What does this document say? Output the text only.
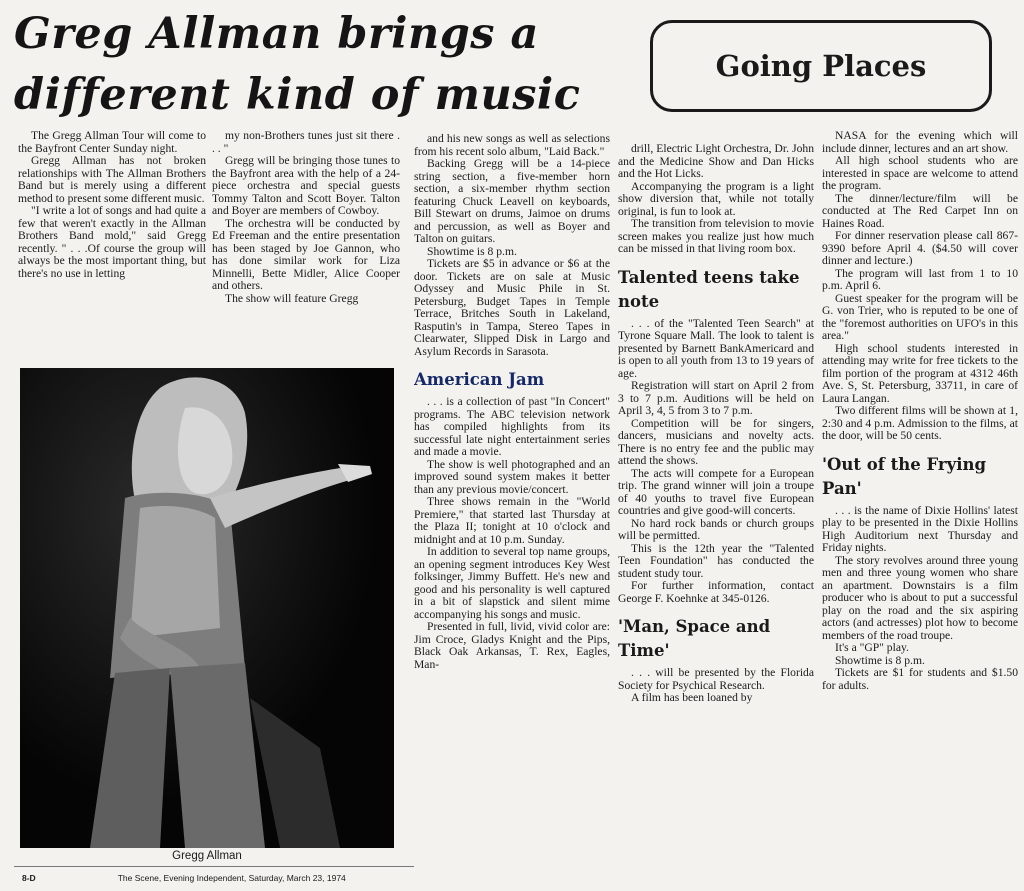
Greg Allman brings a
different kind of music
Going Places

The Gregg Allman Tour will come to the Bayfront Center Sunday night.

Gregg Allman has not broken relationships with The Allman Brothers Band but is merely using a different method to present some different music.

"I write a lot of songs and had quite a few that weren't exactly in the Allman Brothers Band mold," said Gregg recently. " . . .Of course the group will always be the most important thing, but there's no use in letting

my non-Brothers tunes just sit there . . . "

Gregg will be bringing those tunes to the Bayfront area with the help of a 24-piece orchestra and special guests Tommy Talton and Scott Boyer. Talton and Boyer are members of Cowboy.

The orchestra will be conducted by Ed Freeman and the entire presentation has been staged by Joe Gannon, who has done similar work for Liza Minnelli, Bette Midler, Alice Cooper and others.

The show will feature Gregg

and his new songs as well as selections from his recent solo album, "Laid Back."

Backing Gregg will be a 14-piece string section, a five-member horn section, a six-member rhythm section featuring Chuck Leavell on keyboards, Bill Stewart on drums, Jaimoe on drums and percussion, as well as Boyer and Talton on guitars.

Showtime is 8 p.m.

Tickets are $5 in advance or $6 at the door. Tickets are on sale at Music Odyssey and Music Phile in St. Petersburg, Budget Tapes in Temple Terrace, Britches South in Lakeland, Rasputin's in Tampa, Stereo Tapes in Clearwater, Slipped Disk in Largo and Asylum Records in Sarasota.

American Jam

. . . is a collection of past "In Concert" programs. The ABC television network has compiled highlights from its successful late night entertainment series and made a movie.

The show is well photographed and an improved sound system makes it better than any previous movie/concert.

Three shows remain in the "World Premiere," that started last Thursday at the Plaza II; tonight at 10 o'clock and midnight and at 10 p.m. Sunday.

In addition to several top name groups, an opening segment introduces Key West folksinger, Jimmy Buffett. He's new and good and his personality is well captured in a bit of slapstick and silent mime accompanying his songs and music.

Presented in full, livid, vivid color are: Jim Croce, Gladys Knight and the Pips, Black Oak Arkansas, T. Rex, Eagles, Man-

drill, Electric Light Orchestra, Dr. John and the Medicine Show and Dan Hicks and the Hot Licks.

Accompanying the program is a light show diversion that, while not totally original, is fun to look at.

The transition from television to movie screen makes you realize just how much can be missed in that living room box.

Talented teens take note

. . . of the "Talented Teen Search" at Tyrone Square Mall. The look to talent is presented by Barnett BankAmericard and is open to all youth from 13 to 19 years of age.

Registration will start on April 2 from 3 to 7 p.m. Auditions will be held on April 3, 4, 5 from 3 to 7 p.m.

Competition will be for singers, dancers, musicians and novelty acts. There is no entry fee and the public may attend the shows.

The acts will compete for a European trip. The grand winner will join a troupe of 40 youths to travel five European countries and give good-will concerts.

No hard rock bands or church groups will be permitted.

This is the 12th year the "Talented Teen Foundation" has conducted the student study tour.

For further information, contact George F. Koehnke at 345-0126.

'Man, Space and Time'

. . . will be presented by the Florida Society for Psychical Research.

A film has been loaned by

NASA for the evening which will include dinner, lectures and an art show.

All high school students who are interested in space are welcome to attend the program.

The dinner/lecture/film will be conducted at The Red Carpet Inn on Haines Road.

For dinner reservation please call 867-9390 before April 4. ($4.50 will cover dinner and lecture.)

The program will last from 1 to 10 p.m. April 6.

Guest speaker for the program will be G. von Trier, who is reputed to be one of the "foremost authorities on UFO's in this area."

High school students interested in attending may write for free tickets to the film portion of the program at 4312 46th Ave. S, St. Petersburg, 33711, in care of Laura Langan.

Two different films will be shown at 1, 2:30 and 4 p.m. Admission to the films, at the door, will be 50 cents.

'Out of the Frying Pan'

. . . is the name of Dixie Hollins' latest play to be presented in the Dixie Hollins High Auditorium next Thursday and Friday nights.

The story revolves around three young men and three young women who share an apartment. Downstairs is a film producer who is about to put a successful play on the road and the six aspiring actors (and actresses) plot how to become members of the road troupe.

It's a "GP" play.

Showtime is 8 p.m.

Tickets are $1 for students and $1.50 for adults.

Gregg Allman
8-D	The Scene, Evening Independent, Saturday, March 23, 1974
